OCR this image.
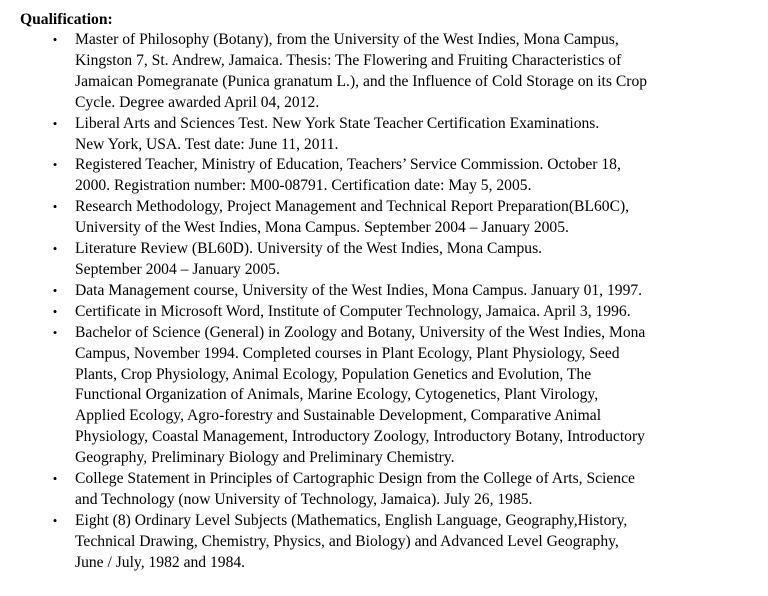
Qualification:
• Master of Philosophy (Botany), from the University of the West Indies, Mona Campus,
Kingston 7, St. Andrew, Jamaica. Thesis: The Flowering and Fruiting Characteristics of
Jamaican Pomegranate (Punica granatum L.), and the Influence of Cold Storage on its Crop
Cycle. Degree awarded April 04, 2012.
• Liberal Arts and Sciences Test. New York State Teacher Certification Examinations.
New York, USA. Test date: June 11, 2011.
• Registered Teacher, Ministry of Education, Teachers’ Service Commission. October 18,
2000. Registration number: M00-08791. Certification date: May 5, 2005.
• Research Methodology, Project Management and Technical Report Preparation(BL60C),
University of the West Indies, Mona Campus. September 2004 – January 2005.
• Literature Review (BL60D). University of the West Indies, Mona Campus.
September 2004 – January 2005.
• Data Management course, University of the West Indies, Mona Campus. January 01, 1997.
• Certificate in Microsoft Word, Institute of Computer Technology, Jamaica. April 3, 1996.
• Bachelor of Science (General) in Zoology and Botany, University of the West Indies, Mona
Campus, November 1994. Completed courses in Plant Ecology, Plant Physiology, Seed
Plants, Crop Physiology, Animal Ecology, Population Genetics and Evolution, The
Functional Organization of Animals, Marine Ecology, Cytogenetics, Plant Virology,
Applied Ecology, Agro-forestry and Sustainable Development, Comparative Animal
Physiology, Coastal Management, Introductory Zoology, Introductory Botany, Introductory
Geography, Preliminary Biology and Preliminary Chemistry.
• College Statement in Principles of Cartographic Design from the College of Arts, Science
and Technology (now University of Technology, Jamaica). July 26, 1985.
• Eight (8) Ordinary Level Subjects (Mathematics, English Language, Geography,History,
Technical Drawing, Chemistry, Physics, and Biology) and Advanced Level Geography,
June / July, 1982 and 1984.
